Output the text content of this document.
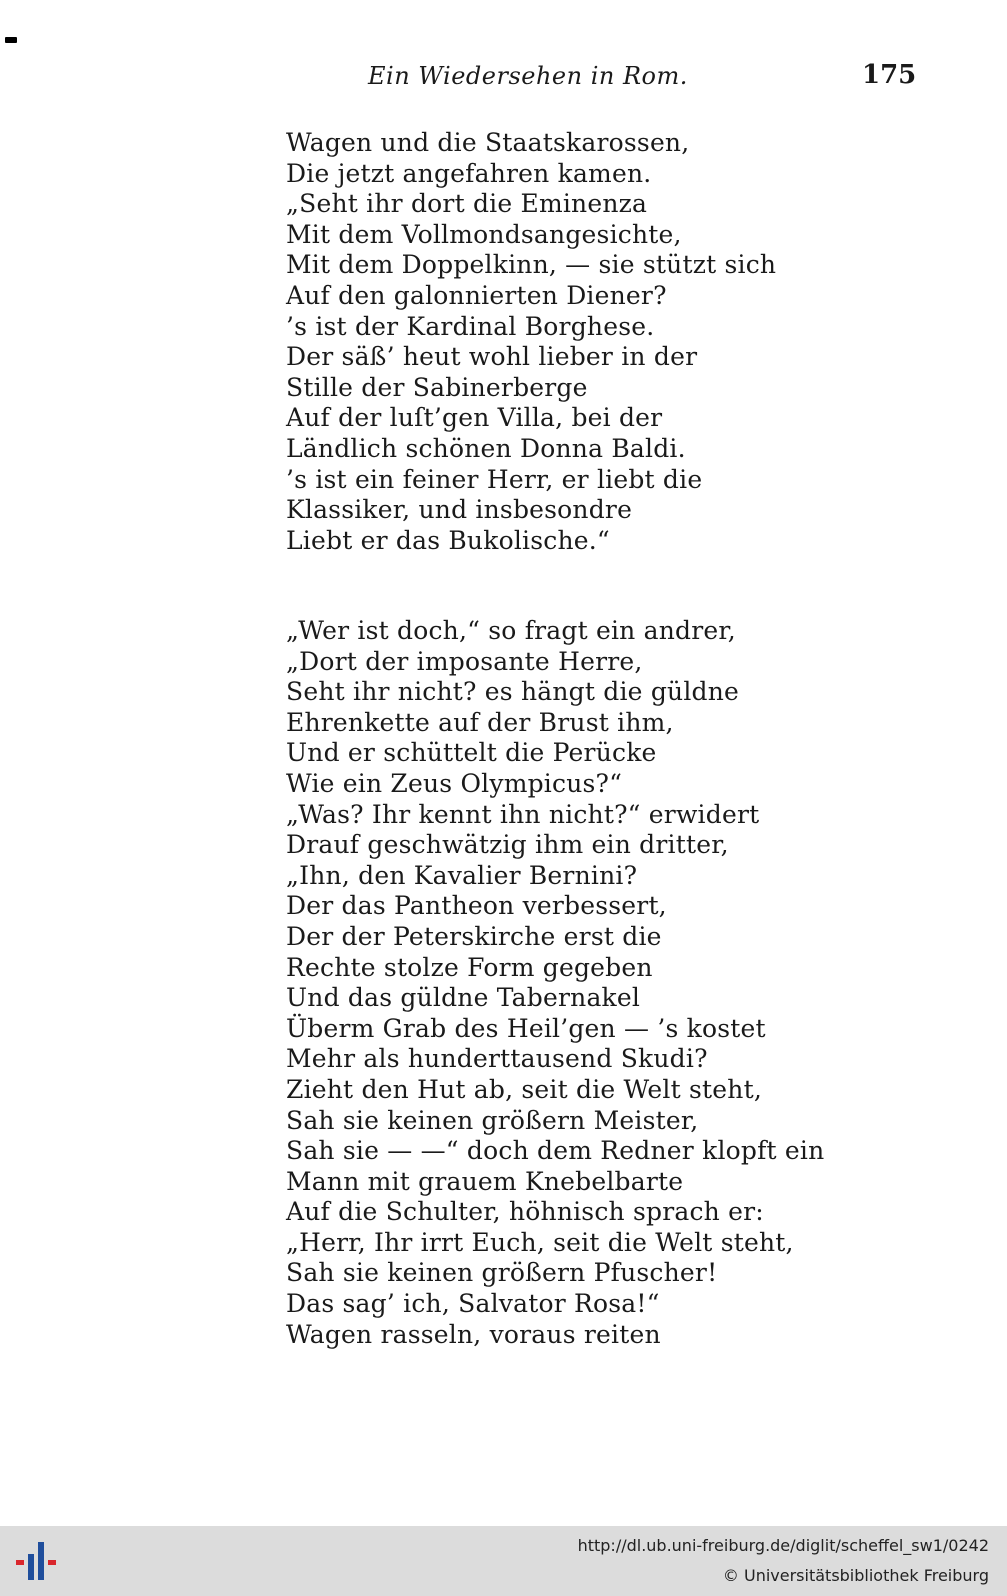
Ein Wiedersehen in Rom.	175
Wagen und die Staatskarossen,
Die jetzt angefahren kamen.
„Seht ihr dort die Eminenza
Mit dem Vollmondsangesichte,
Mit dem Doppelkinn, — sie stützt sich
Auf den galonnierten Diener?
’s ist der Kardinal Borghese.
Der säß’ heut wohl lieber in der
Stille der Sabinerberge
Auf der luſt’gen Villa, bei der
Ländlich schönen Donna Baldi.
’s ist ein feiner Herr, er liebt die
Klassiker, und insbesondre
Liebt er das Bukolische.“
„Wer ist doch,“ so fragt ein andrer,
„Dort der imposante Herre,
Seht ihr nicht? es hängt die güldne
Ehrenkette auf der Brust ihm,
Und er schüttelt die Perücke
Wie ein Zeus Olympicus?“
„Was? Ihr kennt ihn nicht?“ erwidert
Drauf geschwätzig ihm ein dritter,
„Ihn, den Kavalier Bernini?
Der das Pantheon verbessert,
Der der Peterskirche erst die
Rechte stolze Form gegeben
Und das güldne Tabernakel
Überm Grab des Heil’gen — ’s kostet
Mehr als hunderttausend Skudi?
Zieht den Hut ab, seit die Welt steht,
Sah sie keinen größern Meister,
Sah sie — —“ doch dem Redner klopft ein
Mann mit grauem Knebelbarte
Auf die Schulter, höhnisch sprach er:
„Herr, Ihr irrt Euch, seit die Welt steht,
Sah sie keinen größern Pfuscher!
Das sag’ ich, Salvator Rosa!“
Wagen rasseln, voraus reiten
http://dl.ub.uni-freiburg.de/diglit/scheffel_sw1/0242
© Universitätsbibliothek Freiburg
